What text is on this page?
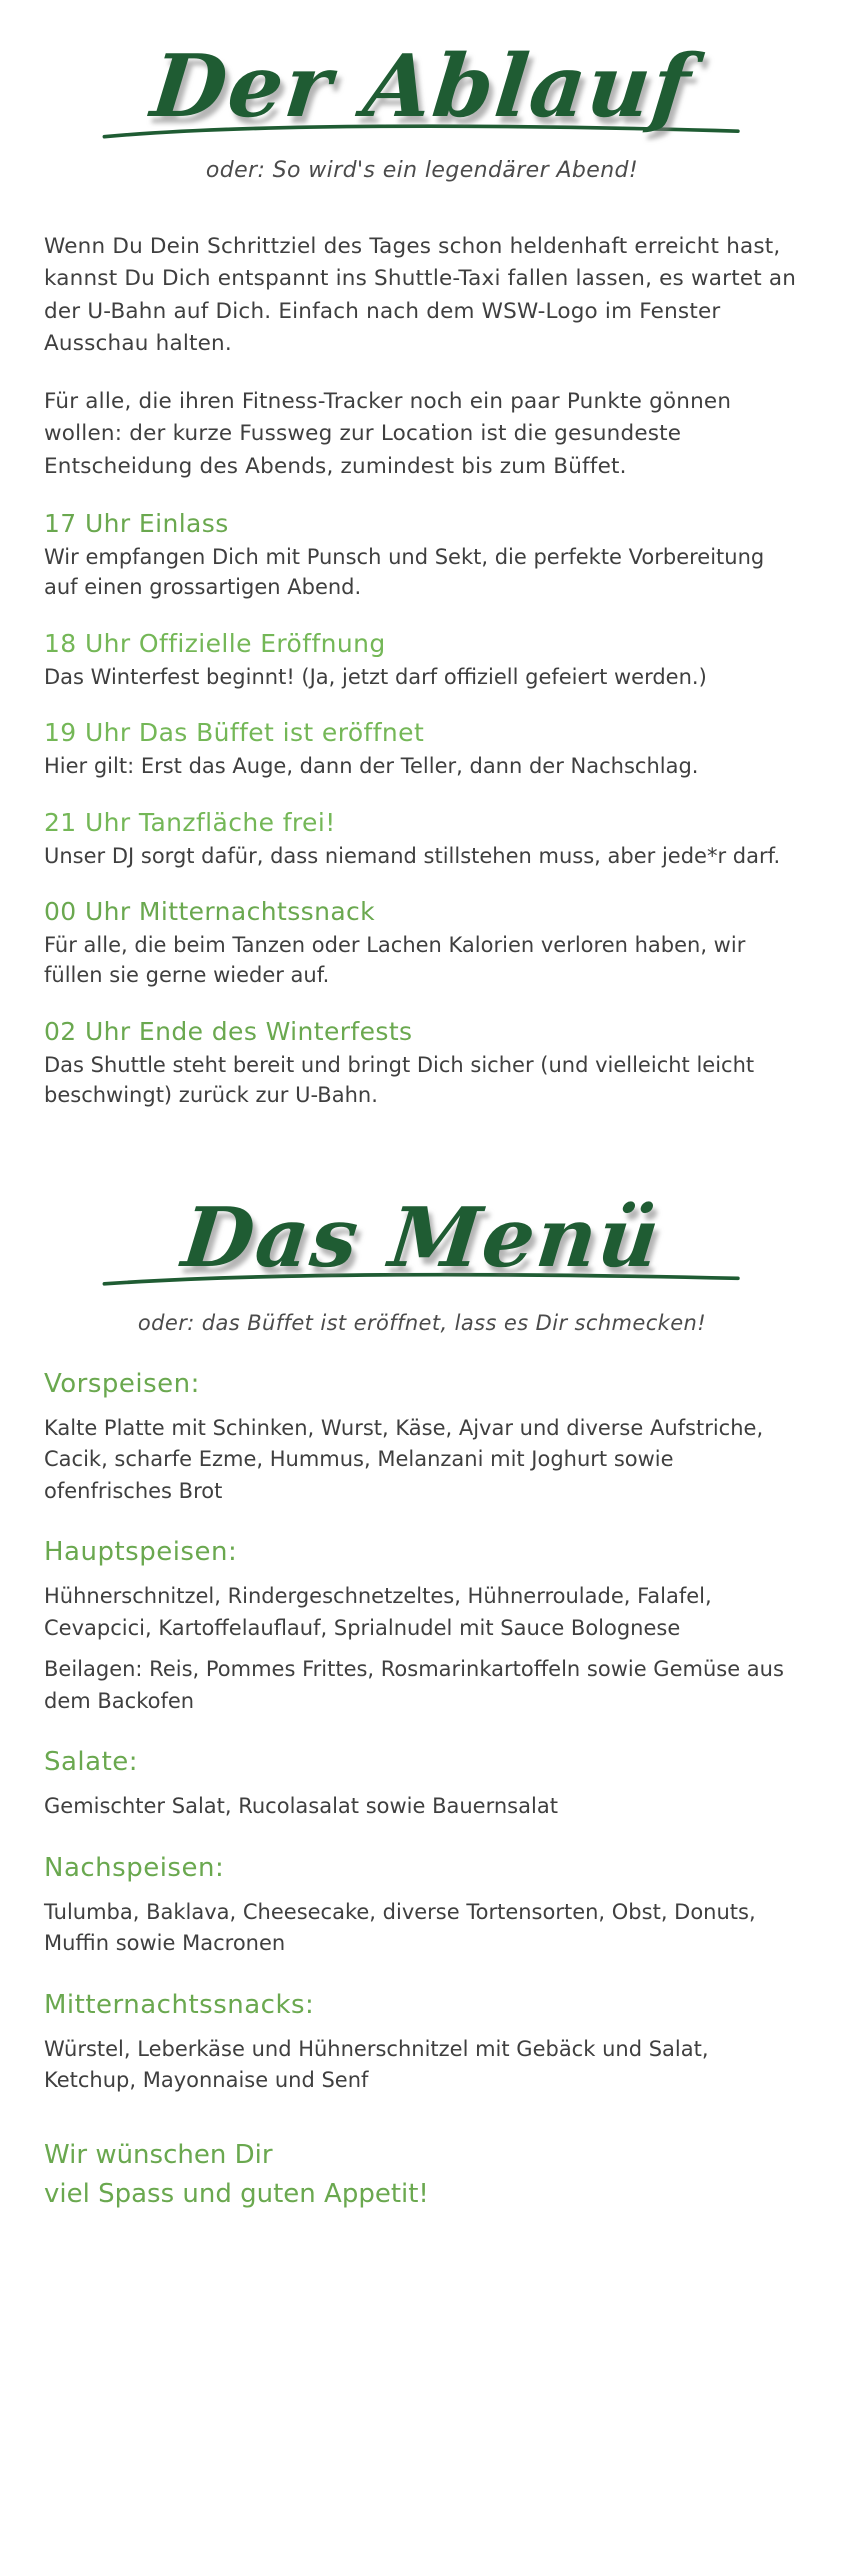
Der Ablauf
oder: So wird's ein legendärer Abend!

Wenn Du Dein Schrittziel des Tages schon heldenhaft erreicht hast, kannst Du Dich entspannt ins Shuttle-Taxi fallen lassen, es wartet an der U-Bahn auf Dich. Einfach nach dem WSW-Logo im Fenster Ausschau halten.

Für alle, die ihren Fitness-Tracker noch ein paar Punkte gönnen wollen: der kurze Fussweg zur Location ist die gesundeste Entscheidung des Abends, zumindest bis zum Büffet.

17 Uhr Einlass

Wir empfangen Dich mit Punsch und Sekt, die perfekte Vorbereitung auf einen grossartigen Abend.

18 Uhr Offizielle Eröffnung

Das Winterfest beginnt! (Ja, jetzt darf offiziell gefeiert werden.)

19 Uhr Das Büffet ist eröffnet

Hier gilt: Erst das Auge, dann der Teller, dann der Nachschlag.

21 Uhr Tanzfläche frei!

Unser DJ sorgt dafür, dass niemand stillstehen muss, aber jede*r darf.

00 Uhr Mitternachtssnack

Für alle, die beim Tanzen oder Lachen Kalorien verloren haben, wir füllen sie gerne wieder auf.

02 Uhr Ende des Winterfests

Das Shuttle steht bereit und bringt Dich sicher (und vielleicht leicht beschwingt) zurück zur U-Bahn.

Das Menü
oder: das Büffet ist eröffnet, lass es Dir schmecken!

Vorspeisen:

Kalte Platte mit Schinken, Wurst, Käse, Ajvar und diverse Aufstriche, Cacik, scharfe Ezme, Hummus, Melanzani mit Joghurt sowie ofenfrisches Brot

Hauptspeisen:

Hühnerschnitzel, Rindergeschnetzeltes, Hühnerroulade, Falafel, Cevapcici, Kartoffelauflauf, Sprialnudel mit Sauce Bolognese

Beilagen: Reis, Pommes Frittes, Rosmarinkartoffeln sowie Gemüse aus dem Backofen

Salate:

Gemischter Salat, Rucolasalat sowie Bauernsalat

Nachspeisen:

Tulumba, Baklava, Cheesecake, diverse Tortensorten, Obst, Donuts, Muffin sowie Macronen

Mitternachtssnacks:

Würstel, Leberkäse und Hühnerschnitzel mit Gebäck und Salat, Ketchup, Mayonnaise und Senf

Wir wünschen Dir

viel Spass und guten Appetit!
